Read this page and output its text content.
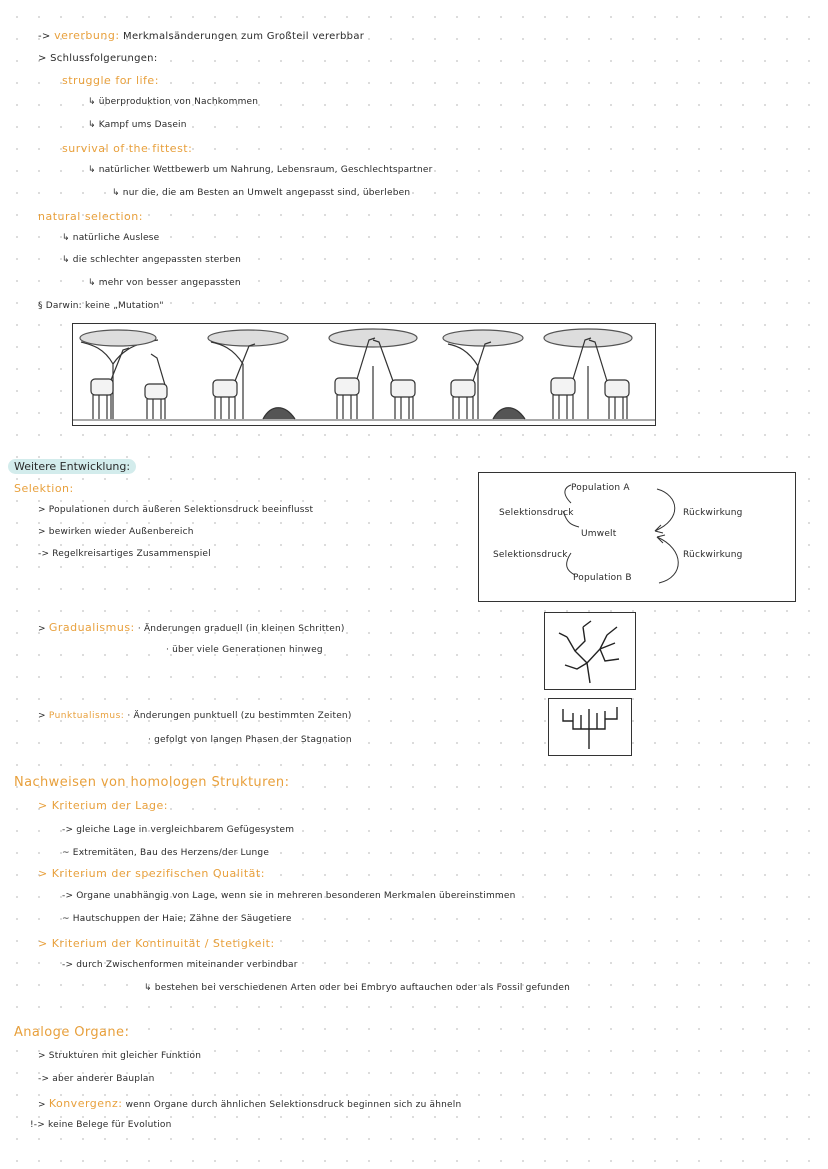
-> vererbung: Merkmalsänderungen zum Großteil vererbbar
> Schlussfolgerungen:
struggle for life:
↳ überproduktion von Nachkommen
↳ Kampf ums Dasein
survival of the fittest:
↳ natürlicher Wettbewerb um Nahrung, Lebensraum, Geschlechtspartner
↳ nur die, die am Besten an Umwelt angepasst sind, überleben
natural selection:
↳ natürliche Auslese
↳ die schlechter angepassten sterben
↳ mehr von besser angepassten
§ Darwin: keine „Mutation"
Weitere Entwicklung:
Selektion:
> Populationen durch äußeren Selektionsdruck beeinflusst
> bewirken wieder Außenbereich
-> Regelkreisartiges Zusammenspiel
Population A
Selektionsdruck	Rückwirkung
Umwelt
Selektionsdruck	Rückwirkung
Population B
> Gradualismus: · Änderungen graduell (in kleinen Schritten)
· über viele Generationen hinweg
> Punktualismus: · Änderungen punktuell (zu bestimmten Zeiten)
· gefolgt von langen Phasen der Stagnation
Nachweisen von homologen Strukturen:
> Kriterium der Lage:
-> gleiche Lage in vergleichbarem Gefügesystem
~ Extremitäten, Bau des Herzens/der Lunge
> Kriterium der spezifischen Qualität:
-> Organe unabhängig von Lage, wenn sie in mehreren besonderen Merkmalen übereinstimmen
~ Hautschuppen der Haie; Zähne der Säugetiere
> Kriterium der Kontinuität / Stetigkeit:
-> durch Zwischenformen miteinander verbindbar
↳ bestehen bei verschiedenen Arten oder bei Embryo auftauchen oder als Fossil gefunden
Analoge Organe:
> Strukturen mit gleicher Funktion
-> aber anderer Bauplan
> Konvergenz: wenn Organe durch ähnlichen Selektionsdruck beginnen sich zu ähneln
!-> keine Belege für Evolution
